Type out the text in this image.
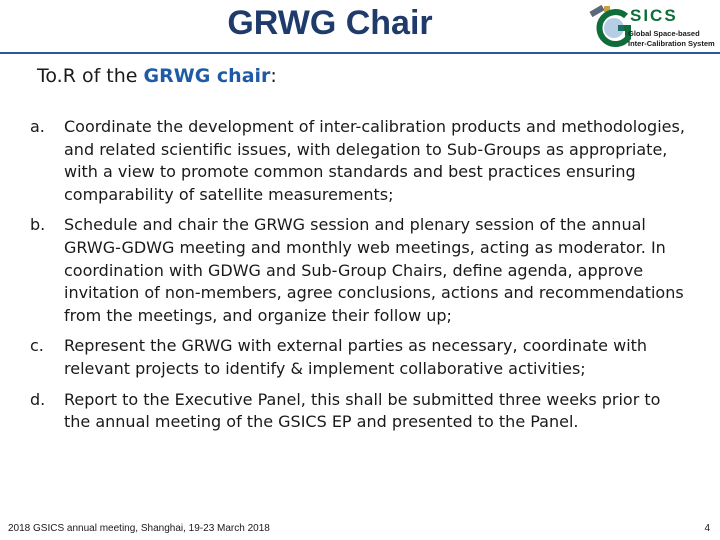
GRWG Chair	SICS
Global Space-based
Inter-Calibration System
To.R of the GRWG chair:
a.	Coordinate the development of inter-calibration products and methodologies, and related scientific issues, with delegation to Sub-Groups as appropriate, with a view to promote common standards and best practices ensuring comparability of satellite measurements;
b.	Schedule and chair the GRWG session and plenary session of the annual GRWG-GDWG meeting and monthly web meetings, acting as moderator. In coordination with GDWG and Sub-Group Chairs, define agenda, approve invitation of non-members, agree conclusions, actions and recommendations from the meetings, and organize their follow up;
c.	Represent the GRWG with external parties as necessary, coordinate with relevant projects to identify & implement collaborative activities;
d.	Report to the Executive Panel, this shall be submitted three weeks prior to the annual meeting of the GSICS EP and presented to the Panel.
2018 GSICS annual meeting, Shanghai, 19-23 March 2018	4
